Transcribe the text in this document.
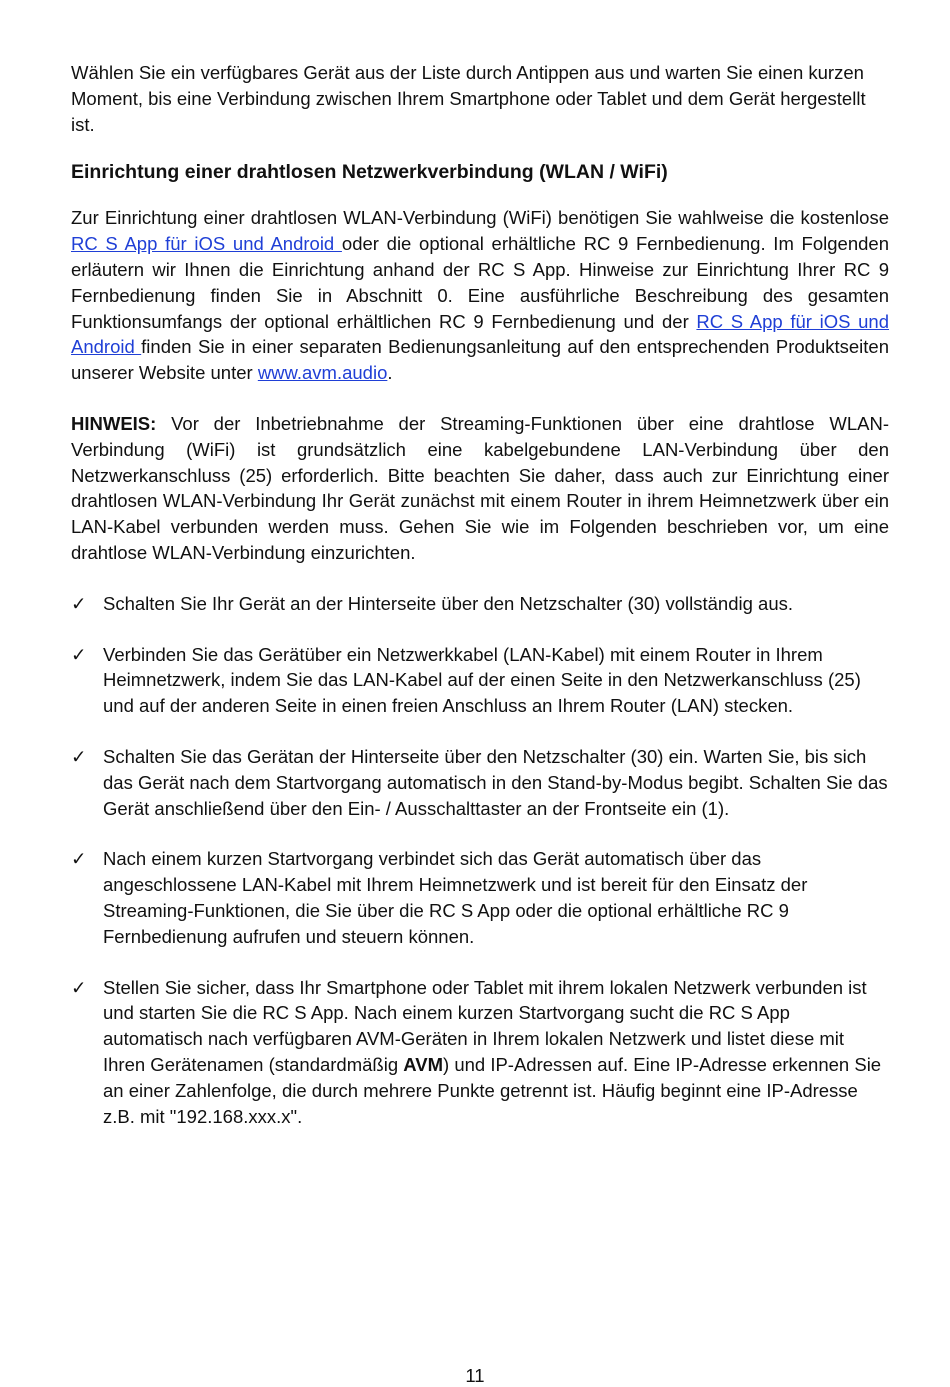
Wählen Sie ein verfügbares Gerät aus der Liste durch Antippen aus und warten Sie einen kurzen Moment, bis eine Verbindung zwischen Ihrem Smartphone oder Tablet und dem Gerät hergestellt ist.

Einrichtung einer drahtlosen Netzwerkverbindung (WLAN / WiFi)

Zur Einrichtung einer drahtlosen WLAN-Verbindung (WiFi) benötigen Sie wahlweise die kostenlose RC S App für iOS und Android oder die optional erhältliche RC 9 Fernbedienung. Im Folgenden erläutern wir Ihnen die Einrichtung anhand der RC S App. Hinweise zur Einrichtung Ihrer RC 9 Fernbedienung finden Sie in Abschnitt 0. Eine ausführliche Beschreibung des gesamten Funktionsumfangs der optional erhältlichen RC 9 Fernbedienung und der RC S App für iOS und Android finden Sie in einer separaten Bedienungsanleitung auf den entsprechenden Produktseiten unserer Website unter www.avm.audio.

HINWEIS: Vor der Inbetriebnahme der Streaming-Funktionen über eine drahtlose WLAN-Verbindung (WiFi) ist grundsätzlich eine kabelgebundene LAN-Verbindung über den Netzwerkanschluss (25) erforderlich. Bitte beachten Sie daher, dass auch zur Einrichtung einer drahtlosen WLAN-Verbindung Ihr Gerät zunächst mit einem Router in ihrem Heimnetzwerk über ein LAN-Kabel verbunden werden muss. Gehen Sie wie im Folgenden beschrieben vor, um eine drahtlose WLAN-Verbindung einzurichten.

✓ Schalten Sie Ihr Gerät an der Hinterseite über den Netzschalter (30) vollständig aus.
✓ Verbinden Sie das Gerätüber ein Netzwerkkabel (LAN-Kabel) mit einem Router in Ihrem Heimnetzwerk, indem Sie das LAN-Kabel auf der einen Seite in den Netzwerkanschluss (25) und auf der anderen Seite in einen freien Anschluss an Ihrem Router (LAN) stecken.
✓ Schalten Sie das Gerätan der Hinterseite über den Netzschalter (30) ein. Warten Sie, bis sich das Gerät nach dem Startvorgang automatisch in den Stand-by-Modus begibt. Schalten Sie das Gerät anschließend über den Ein- / Ausschalttaster an der Frontseite ein (1).
✓ Nach einem kurzen Startvorgang verbindet sich das Gerät automatisch über das angeschlossene LAN-Kabel mit Ihrem Heimnetzwerk und ist bereit für den Einsatz der Streaming-Funktionen, die Sie über die RC S App oder die optional erhältliche RC 9 Fernbedienung aufrufen und steuern können.
✓ Stellen Sie sicher, dass Ihr Smartphone oder Tablet mit ihrem lokalen Netzwerk verbunden ist und starten Sie die RC S App. Nach einem kurzen Startvorgang sucht die RC S App automatisch nach verfügbaren AVM-Geräten in Ihrem lokalen Netzwerk und listet diese mit Ihren Gerätenamen (standardmäßig AVM) und IP-Adressen auf. Eine IP-Adresse erkennen Sie an einer Zahlenfolge, die durch mehrere Punkte getrennt ist. Häufig beginnt eine IP-Adresse z.B. mit "192.168.xxx.x".
11
